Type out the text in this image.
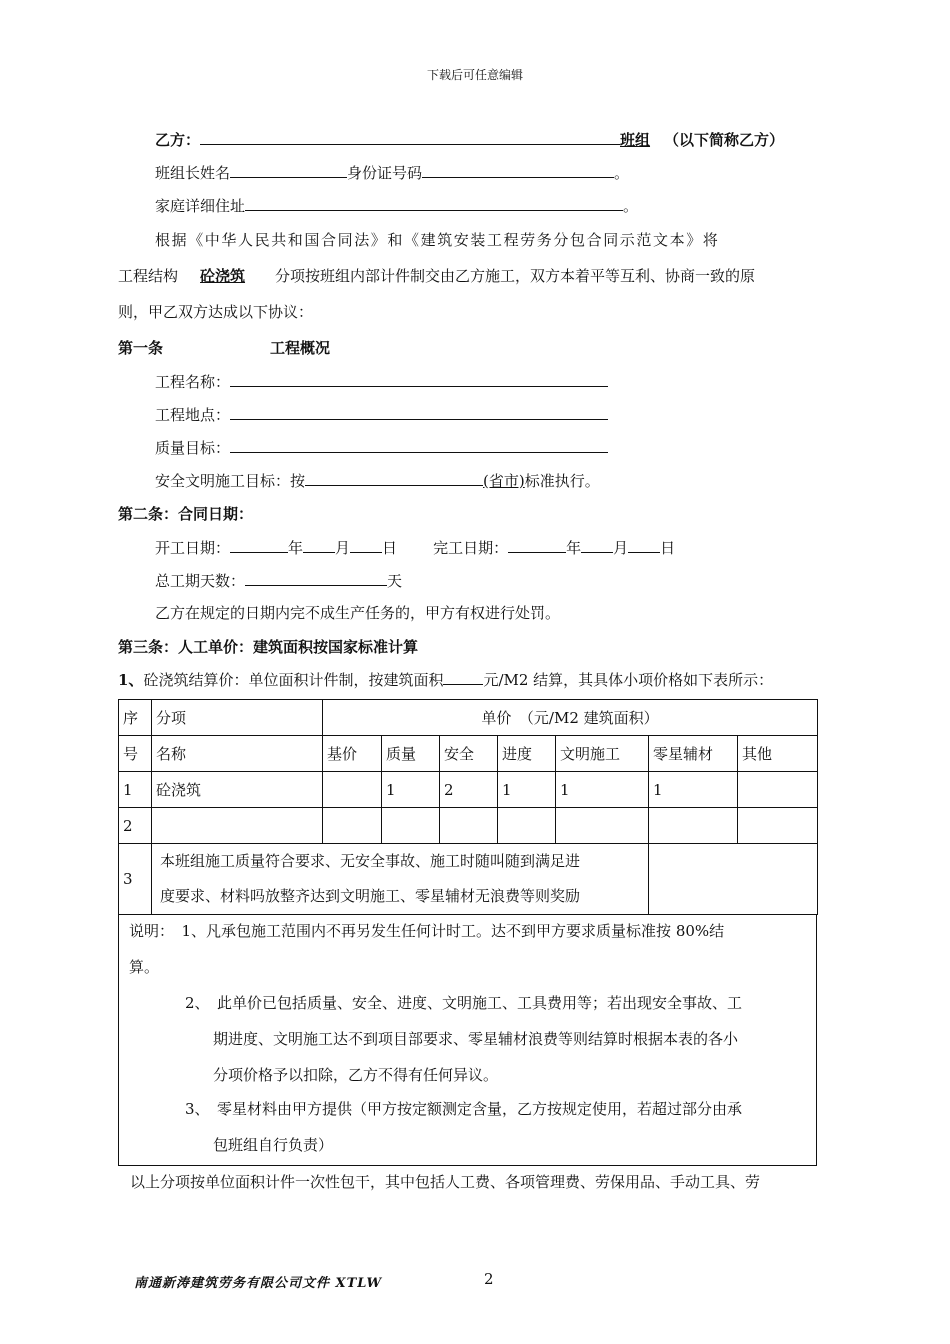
下载后可任意编辑
乙方：	班组 （以下简称乙方）
班组长姓名	身份证号码	。
家庭详细住址	。
根据《中华人民共和国合同法》和《建筑安装工程劳务分包合同示范文本》将
工程结构 砼浇筑 分项按班组内部计件制交由乙方施工，双方本着平等互利、协商一致的原
则，甲乙双方达成以下协议：
第一条	工程概况
工程名称：
工程地点：
质量目标：
安全文明施工目标：按	(省市)标准执行。
第二条：合同日期：
开工日期：	年 月 日 完工日期：	年 月 日
总工期天数：	天
乙方在规定的日期内完不成生产任务的，甲方有权进行处罚。
第三条：人工单价：建筑面积按国家标准计算
1、砼浇筑结算价：单位面积计件制，按建筑面积	元/M2 结算，其具体小项价格如下表所示：
序	分项	单价　（元/M2 建筑面积）						
号	名称	基价	质量	安全	进度	文明施工	零星辅材	其他
1	砼浇筑		1	2	1	1	1	
2								
3	本班组施工质量符合要求、无安全事故、施工时随叫随到满足进
度要求、材料吗放整齐达到文明施工、零星辅材无浪费等则奖励							

说明：　1、凡承包施工范围内不再另发生任何计时工。达不到甲方要求质量标准按 80%结
算。
2、　此单价已包括质量、安全、进度、文明施工、工具费用等；若出现安全事故、工
期进度、文明施工达不到项目部要求、零星辅材浪费等则结算时根据本表的各小
分项价格予以扣除，乙方不得有任何异议。
3、　零星材料由甲方提供（甲方按定额测定含量，乙方按规定使用，若超过部分由承
包班组自行负责）
以上分项按单位面积计件一次性包干，其中包括人工费、各项管理费、劳保用品、手动工具、劳
南通新涛建筑劳务有限公司文件 XTLW	2
